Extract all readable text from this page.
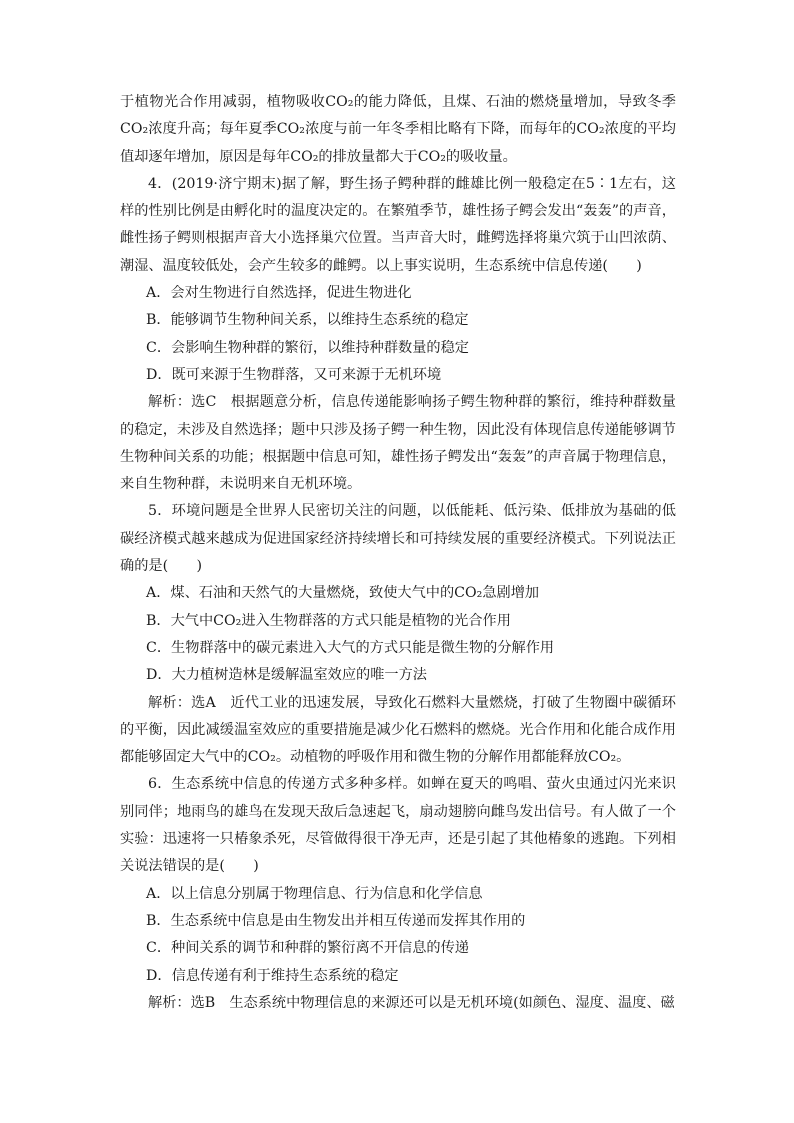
于植物光合作用减弱，植物吸收CO₂的能力降低，且煤、石油的燃烧量增加，导致冬季CO₂浓度升高；每年夏季CO₂浓度与前一年冬季相比略有下降，而每年的CO₂浓度的平均值却逐年增加，原因是每年CO₂的排放量都大于CO₂的吸收量。

4．(2019·济宁期末)据了解，野生扬子鳄种群的雌雄比例一般稳定在5∶1左右，这样的性别比例是由孵化时的温度决定的。在繁殖季节，雄性扬子鳄会发出“轰轰”的声音，雌性扬子鳄则根据声音大小选择巢穴位置。当声音大时，雌鳄选择将巢穴筑于山凹浓荫、潮湿、温度较低处，会产生较多的雌鳄。以上事实说明，生态系统中信息传递(　　)

A．会对生物进行自然选择，促进生物进化

B．能够调节生物种间关系，以维持生态系统的稳定

C．会影响生物种群的繁衍，以维持种群数量的稳定

D．既可来源于生物群落，又可来源于无机环境

解析：选C　根据题意分析，信息传递能影响扬子鳄生物种群的繁衍，维持种群数量的稳定，未涉及自然选择；题中只涉及扬子鳄一种生物，因此没有体现信息传递能够调节生物种间关系的功能；根据题中信息可知，雄性扬子鳄发出“轰轰”的声音属于物理信息，来自生物种群，未说明来自无机环境。

5．环境问题是全世界人民密切关注的问题，以低能耗、低污染、低排放为基础的低碳经济模式越来越成为促进国家经济持续增长和可持续发展的重要经济模式。下列说法正确的是(　　)

A．煤、石油和天然气的大量燃烧，致使大气中的CO₂急剧增加

B．大气中CO₂进入生物群落的方式只能是植物的光合作用

C．生物群落中的碳元素进入大气的方式只能是微生物的分解作用

D．大力植树造林是缓解温室效应的唯一方法

解析：选A　近代工业的迅速发展，导致化石燃料大量燃烧，打破了生物圈中碳循环的平衡，因此减缓温室效应的重要措施是减少化石燃料的燃烧。光合作用和化能合成作用都能够固定大气中的CO₂。动植物的呼吸作用和微生物的分解作用都能释放CO₂。

6．生态系统中信息的传递方式多种多样。如蝉在夏天的鸣唱、萤火虫通过闪光来识别同伴；地雨鸟的雄鸟在发现天敌后急速起飞，扇动翅膀向雌鸟发出信号。有人做了一个实验：迅速将一只椿象杀死，尽管做得很干净无声，还是引起了其他椿象的逃跑。下列相关说法错误的是(　　)

A．以上信息分别属于物理信息、行为信息和化学信息

B．生态系统中信息是由生物发出并相互传递而发挥其作用的

C．种间关系的调节和种群的繁衍离不开信息的传递

D．信息传递有利于维持生态系统的稳定

解析：选B　生态系统中物理信息的来源还可以是无机环境(如颜色、湿度、温度、磁
